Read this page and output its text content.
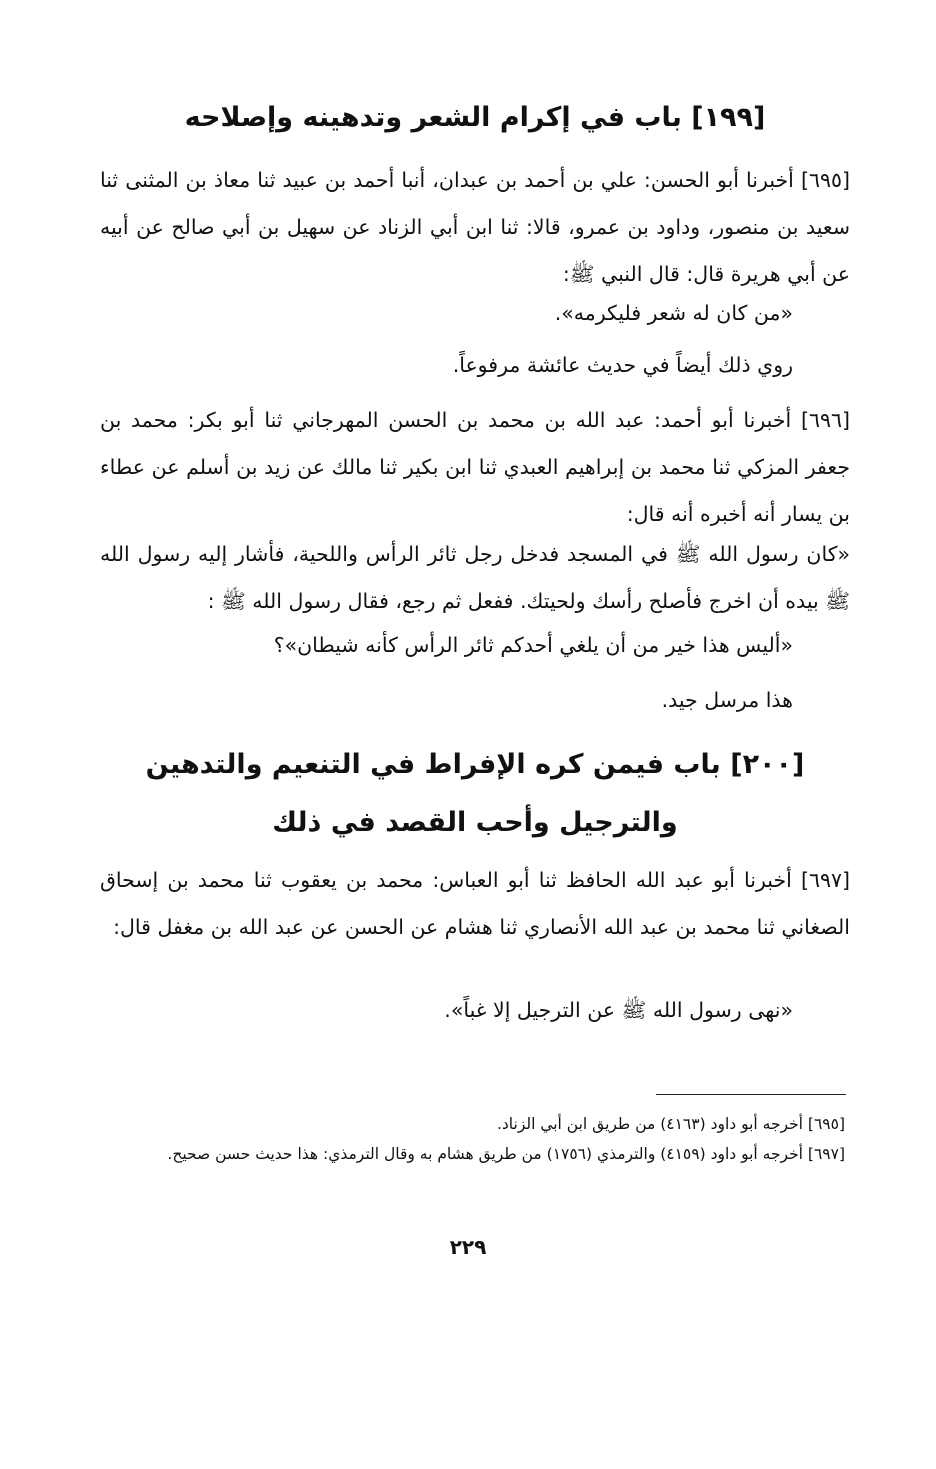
[١٩٩] باب في إكرام الشعر وتدهينه وإصلاحه
[٦٩٥] أخبرنا أبو الحسن: علي بن أحمد بن عبدان، أنبا أحمد بن عبيد ثنا معاذ بن المثنى ثنا سعيد بن منصور، وداود بن عمرو، قالا: ثنا ابن أبي الزناد عن سهيل بن أبي صالح عن أبيه عن أبي هريرة قال: قال النبي ﷺ:
«من كان له شعر فليكرمه».
روي ذلك أيضاً في حديث عائشة مرفوعاً.
[٦٩٦] أخبرنا أبو أحمد: عبد الله بن محمد بن الحسن المهرجاني ثنا أبو بكر: محمد بن جعفر المزكي ثنا محمد بن إبراهيم العبدي ثنا ابن بكير ثنا مالك عن زيد بن أسلم عن عطاء بن يسار أنه أخبره أنه قال:
«كان رسول الله ﷺ في المسجد فدخل رجل ثائر الرأس واللحية، فأشار إليه رسول الله ﷺ بيده أن اخرج فأصلح رأسك ولحيتك. ففعل ثم رجع، فقال رسول الله ﷺ :
«أليس هذا خير من أن يلغي أحدكم ثائر الرأس كأنه شيطان»؟
هذا مرسل جيد.
[٢٠٠] باب فيمن كره الإفراط في التنعيم والتدهين
والترجيل وأحب القصد في ذلك
[٦٩٧] أخبرنا أبو عبد الله الحافظ ثنا أبو العباس: محمد بن يعقوب ثنا محمد بن إسحاق الصغاني ثنا محمد بن عبد الله الأنصاري ثنا هشام عن الحسن عن عبد الله بن مغفل قال:
«نهى رسول الله ﷺ عن الترجيل إلا غباً».
[٦٩٥] أخرجه أبو داود (٤١٦٣) من طريق ابن أبي الزناد.
[٦٩٧] أخرجه أبو داود (٤١٥٩) والترمذي (١٧٥٦) من طريق هشام به وقال الترمذي: هذا حديث حسن صحيح.
٢٢٩
